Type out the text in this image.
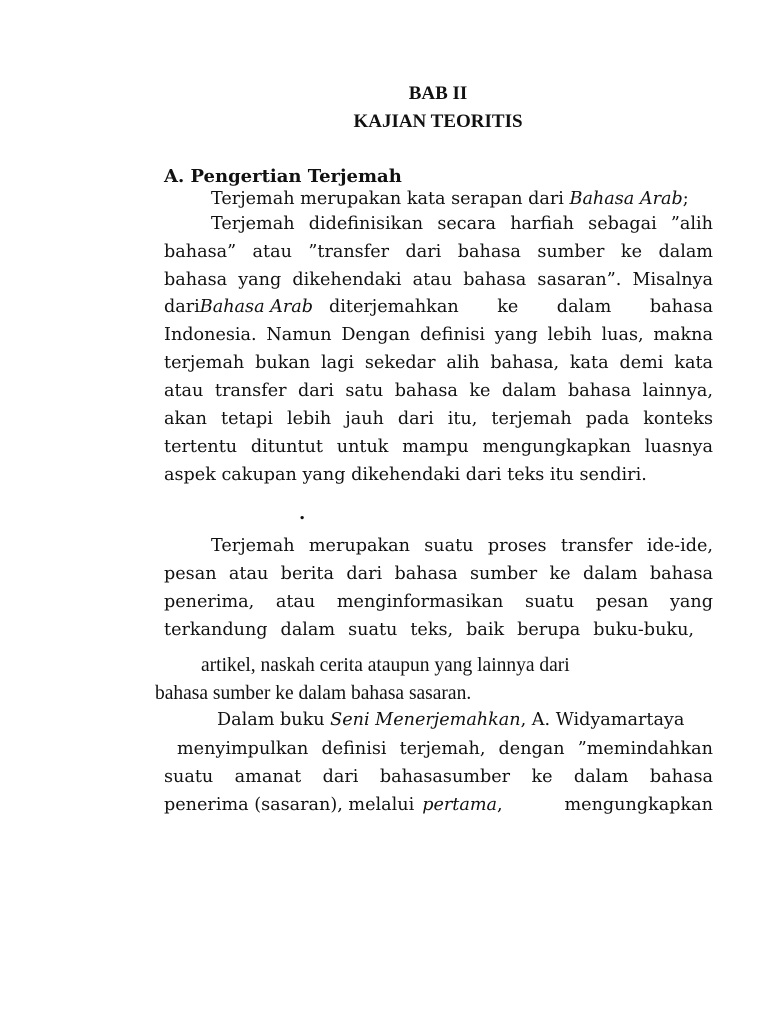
BAB II
KAJIAN TEORITIS
A. Pengertian Terjemah
Terjemah merupakan kata serapan dari Bahasa Arab;
Terjemah didefinisikan secara harfiah sebagai ”alih
bahasa” atau ”transfer dari bahasa sumber ke dalam
bahasa yang dikehendaki atau bahasa sasaran”. Misalnya
dari Bahasa Arab diterjemahkan ke dalam bahasa
Indonesia. Namun Dengan definisi yang lebih luas, makna
terjemah bukan lagi sekedar alih bahasa, kata demi kata
atau transfer dari satu bahasa ke dalam bahasa lainnya,
akan tetapi lebih jauh dari itu, terjemah pada konteks
tertentu dituntut untuk mampu mengungkapkan luasnya
aspek cakupan yang dikehendaki dari teks itu sendiri.
.
Terjemah merupakan suatu proses transfer ide-ide,
pesan atau berita dari bahasa sumber ke dalam bahasa
penerima, atau menginformasikan suatu pesan yang
terkandung dalam suatu teks, baik berupa buku-buku,
artikel, naskah cerita ataupun yang lainnya dari
bahasa sumber ke dalam bahasa sasaran.
Dalam buku Seni Menerjemahkan, A. Widyamartaya
menyimpulkan definisi terjemah, dengan ”memindahkan
suatu amanat dari bahasasumber ke dalam bahasa
penerima (sasaran), melalui pertama , mengungkapkan
